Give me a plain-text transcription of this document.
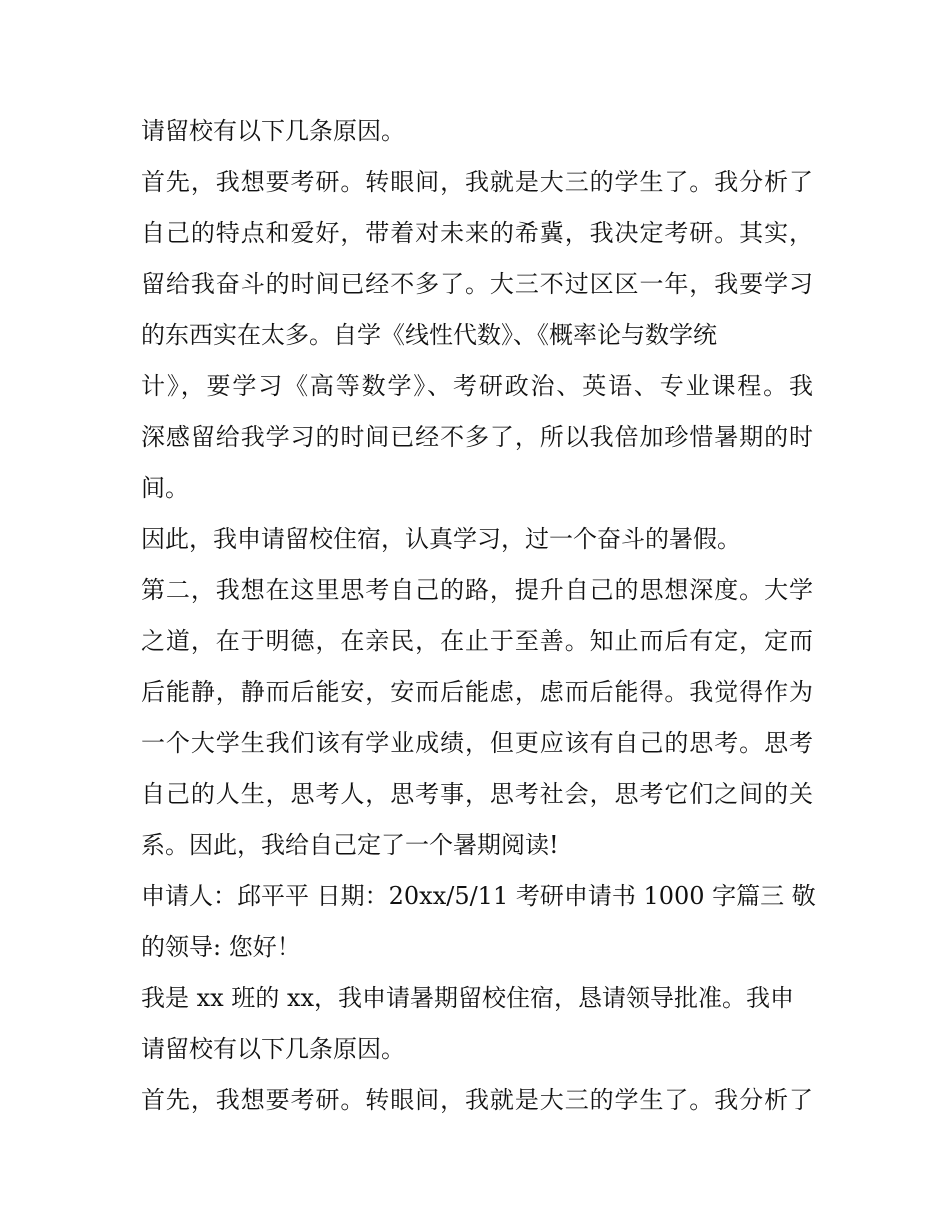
请留校有以下几条原因。
首先，我想要考研。转眼间，我就是大三的学生了。我分析了
自己的特点和爱好，带着对未来的希冀，我决定考研。其实，
留给我奋斗的时间已经不多了。大三不过区区一年，我要学习
的东西实在太多。自学《线性代数》、《概率论与数学统
计》，要学习《高等数学》、考研政治、英语、专业课程。我
深感留给我学习的时间已经不多了，所以我倍加珍惜暑期的时
间。
因此，我申请留校住宿，认真学习，过一个奋斗的暑假。
第二，我想在这里思考自己的路，提升自己的思想深度。大学
之道，在于明德，在亲民，在止于至善。知止而后有定，定而
后能静，静而后能安，安而后能虑，虑而后能得。我觉得作为
一个大学生我们该有学业成绩，但更应该有自己的思考。思考
自己的人生，思考人，思考事，思考社会，思考它们之间的关
系。因此，我给自己定了一个暑期阅读!
申请人：邱平平 日期：20xx/5/11 考研申请书 1000 字篇三 敬
的领导: 您好！
我是 xx 班的 xx，我申请暑期留校住宿，恳请领导批准。我申
请留校有以下几条原因。
首先，我想要考研。转眼间，我就是大三的学生了。我分析了
